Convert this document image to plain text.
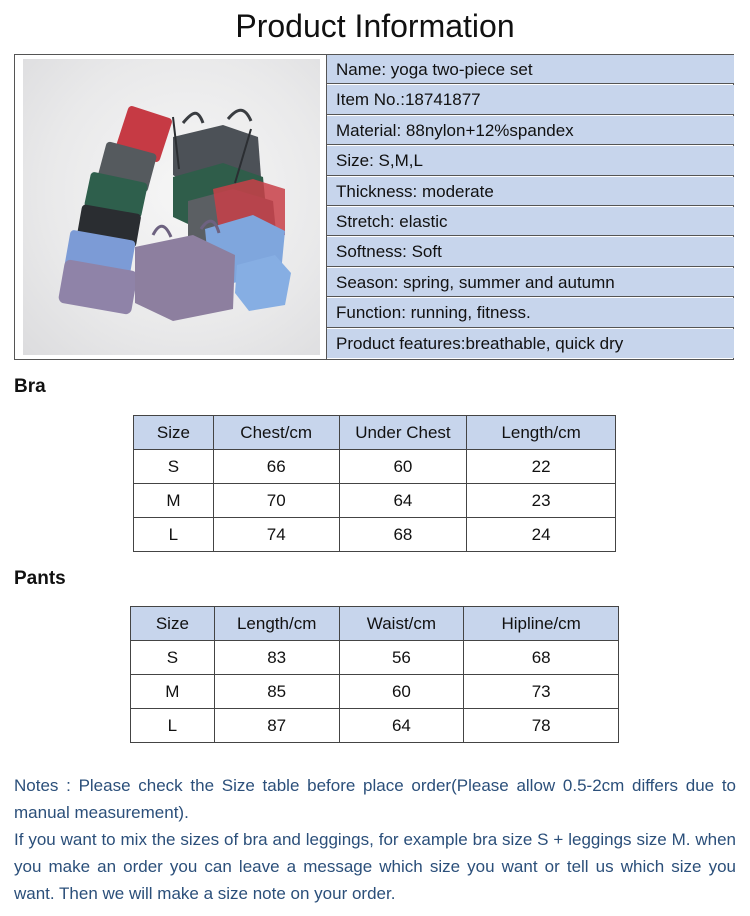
Product Information
Name: yoga two-piece set
Item No.:18741877
Material: 88nylon+12%spandex
Size: S,M,L
Thickness: moderate
Stretch: elastic
Softness: Soft
Season: spring, summer and autumn
Function: running, fitness.
Product features:breathable, quick dry
Bra
Size	Chest/cm	Under Chest	Length/cm
S	66	60	22
M	70	64	23
L	74	68	24
Pants
Size	Length/cm	Waist/cm	Hipline/cm
S	83	56	68
M	85	60	73
L	87	64	78

Notes : Please check the Size table before place order(Please allow 0.5-2cm differs due to manual measurement).

If you want to mix the sizes of bra and leggings, for example bra size S + leggings size M. when you make an order you can leave a message which size you want or tell us which size you want. Then we will make a size note on your order.
